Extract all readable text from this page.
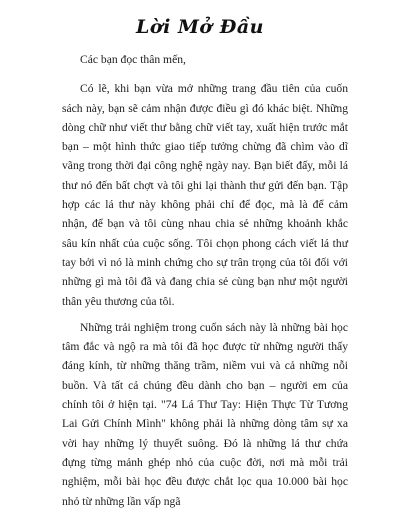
Lời Mở Đầu

Các bạn đọc thân mến,

Có lẽ, khi bạn vừa mở những trang đầu tiên của cuốn sách này, bạn sẽ cảm nhận được điều gì đó khác biệt. Những dòng chữ như viết thư bằng chữ viết tay, xuất hiện trước mắt bạn – một hình thức giao tiếp tưởng chừng đã chìm vào dĩ vãng trong thời đại công nghệ ngày nay. Bạn biết đấy, mỗi lá thư nó đến bất chợt và tôi ghi lại thành thư gửi đến bạn. Tập hợp các lá thư này không phải chỉ để đọc, mà là để cảm nhận, để bạn và tôi cùng nhau chia sẻ những khoảnh khắc sâu kín nhất của cuộc sống. Tôi chọn phong cách viết lá thư tay bởi vì nó là minh chứng cho sự trân trọng của tôi đối với những gì mà tôi đã và đang chia sẻ cùng bạn như một người thân yêu thương của tôi.

Những trải nghiệm trong cuốn sách này là những bài học tâm đắc và ngộ ra mà tôi đã học được từ những người thấy đáng kính, từ những thăng trầm, niềm vui và cả những nỗi buồn. Và tất cả chúng đều dành cho bạn – người em của chính tôi ở hiện tại. "74 Lá Thư Tay: Hiện Thực Từ Tương Lai Gửi Chính Mình" không phải là những dòng tâm sự xa vời hay những lý thuyết suông. Đó là những lá thư chứa đựng từng mảnh ghép nhỏ của cuộc đời, nơi mà mỗi trải nghiệm, mỗi bài học đều được chắt lọc qua 10.000 bài học nhỏ từ những lần vấp ngã
